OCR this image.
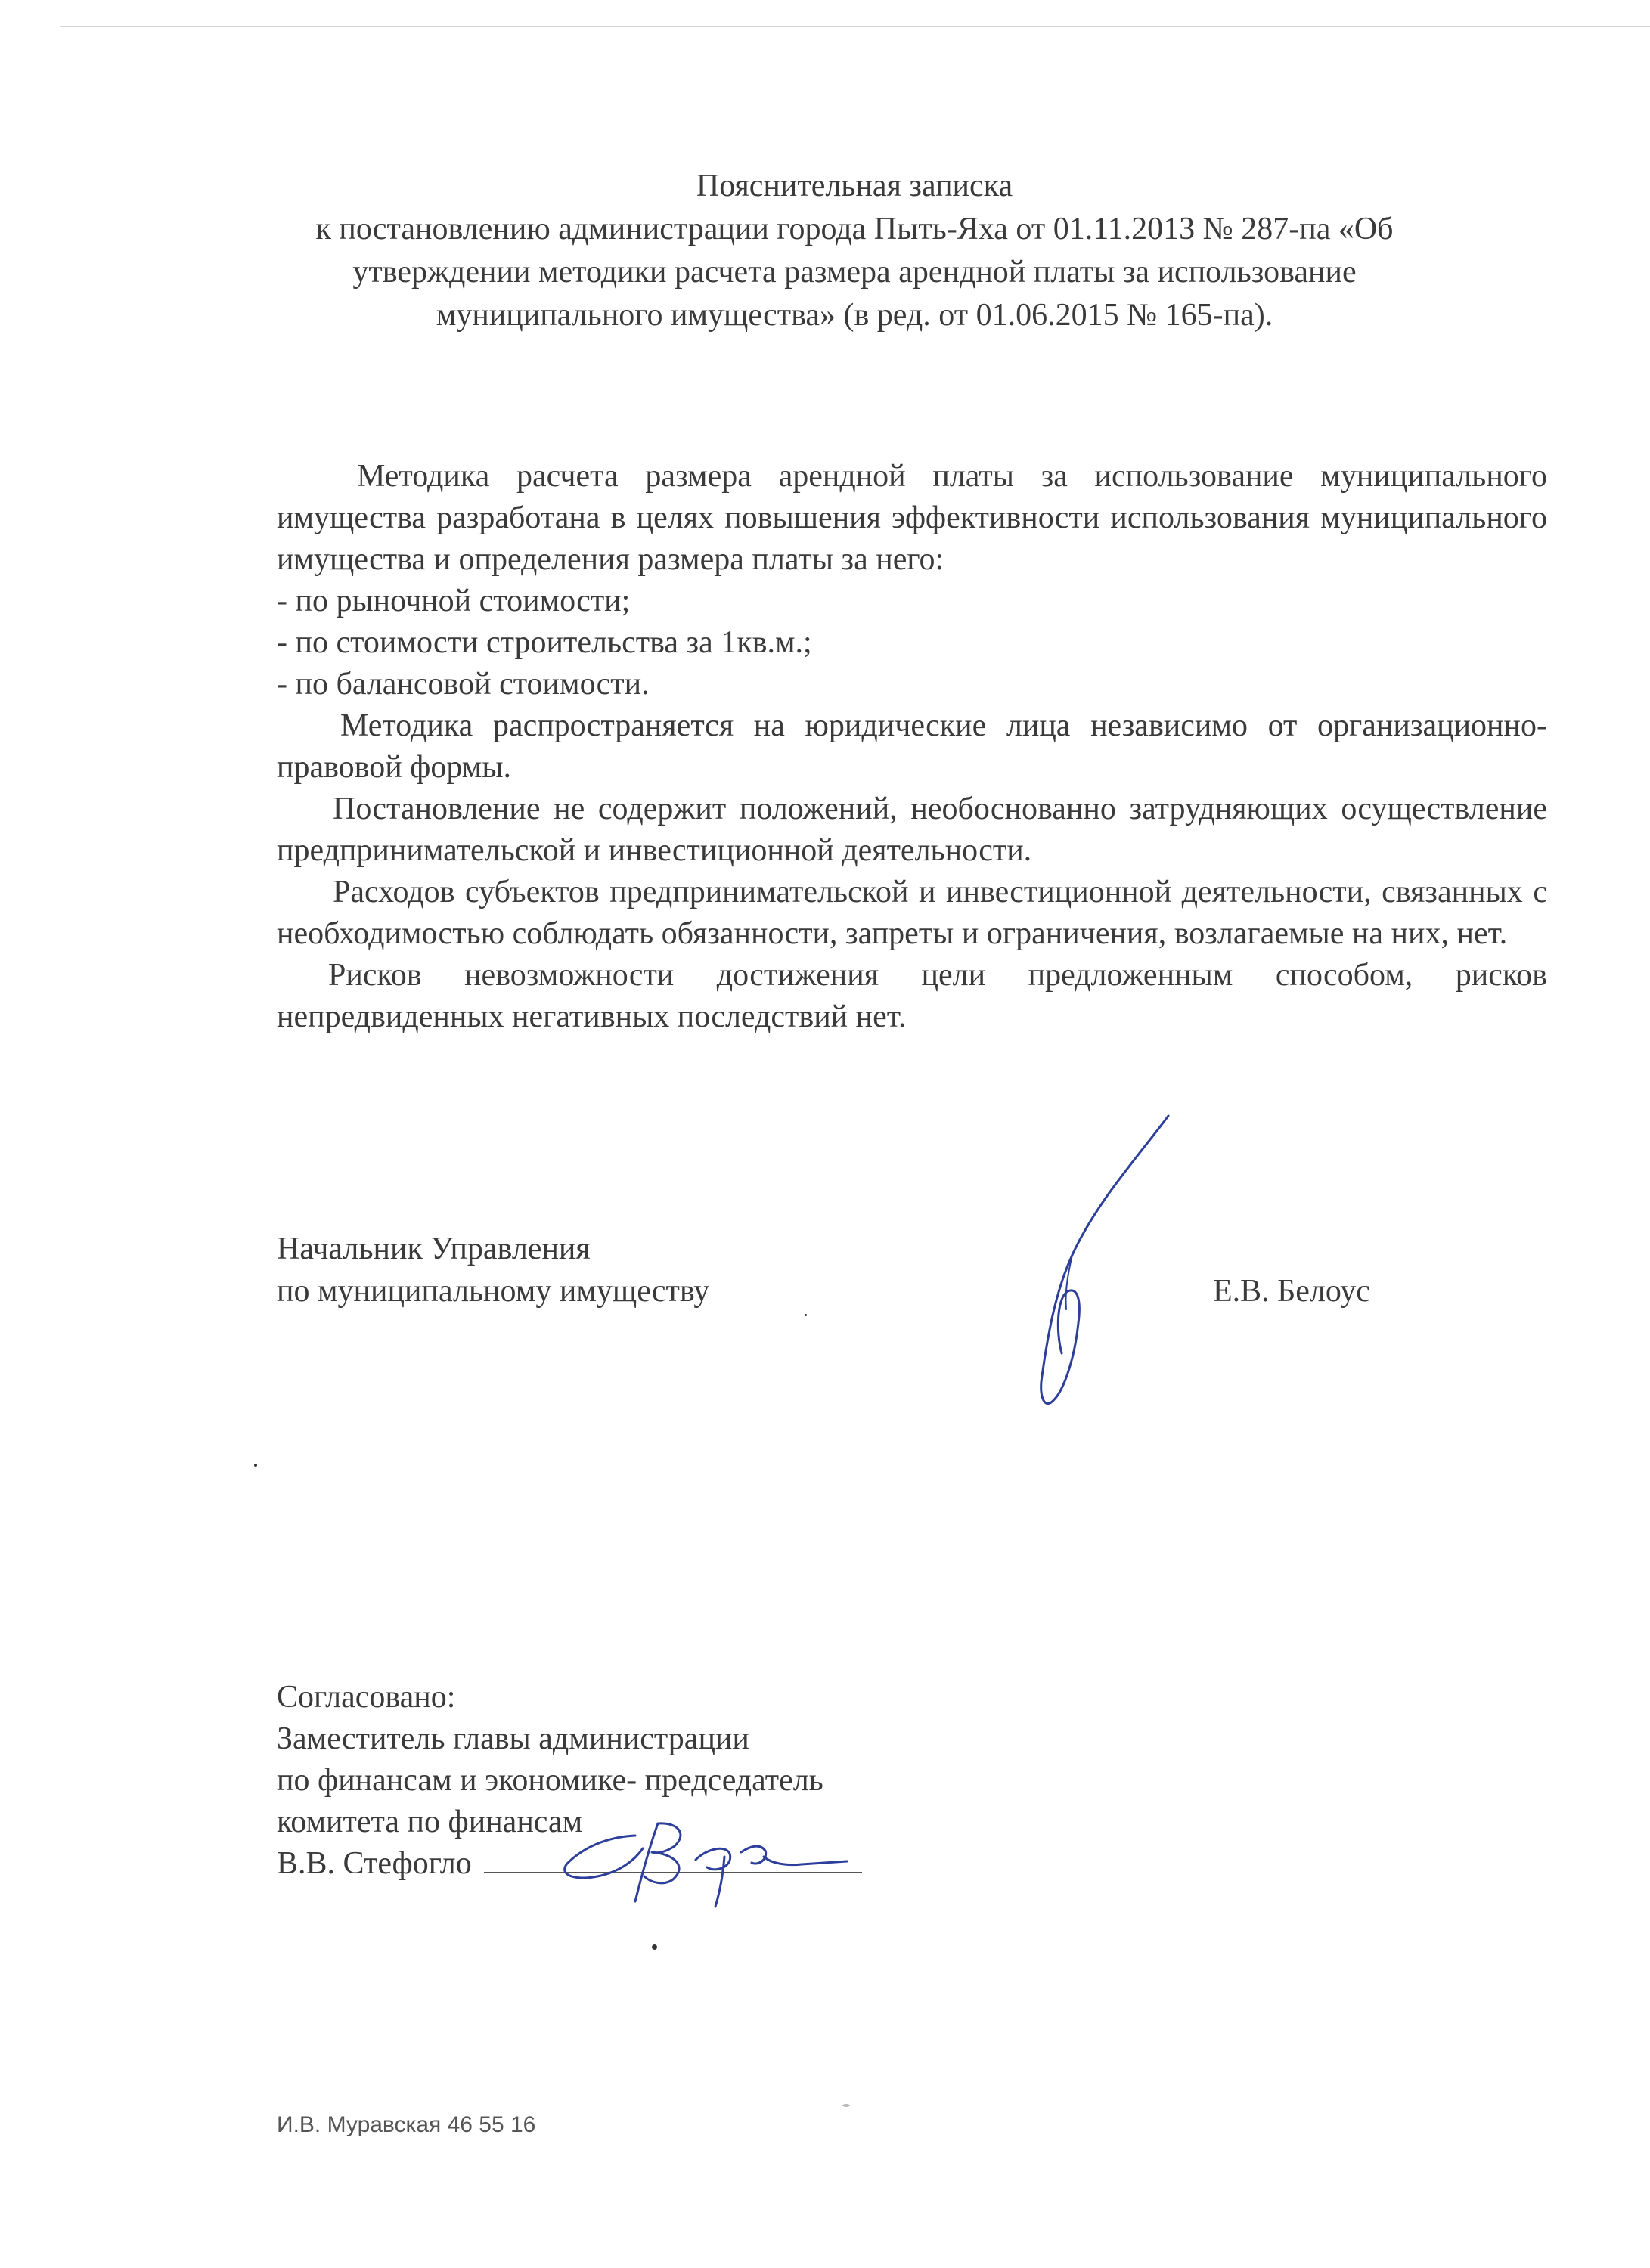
Пояснительная записка
к постановлению администрации города Пыть-Яха от 01.11.2013 № 287-па «Об
утверждении методики расчета размера арендной платы за использование
муниципального имущества» (в ред. от 01.06.2015 № 165-па).

Методика расчета размера арендной платы за использование муниципального имущества разработана в целях повышения эффективности использования муниципального имущества и определения размера платы за него:

- по рыночной стоимости;

- по стоимости строительства за 1кв.м.;

- по балансовой стоимости.

Методика распространяется на юридические лица независимо от организационно-правовой формы.

Постановление не содержит положений, необоснованно затрудняющих осуществление предпринимательской и инвестиционной деятельности.

Расходов субъектов предпринимательской и инвестиционной деятельности, связанных с необходимостью соблюдать обязанности, запреты и ограничения, возлагаемые на них, нет.

Рисков невозможности достижения цели предложенным способом, рисков непредвиденных негативных последствий нет.

Начальник Управления
по муниципальному имуществу	Е.В. Белоус
Согласовано:
Заместитель главы администрации
по финансам и экономике- председатель
комитета по финансам
В.В. Стефогло
И.В. Муравская 46 55 16
